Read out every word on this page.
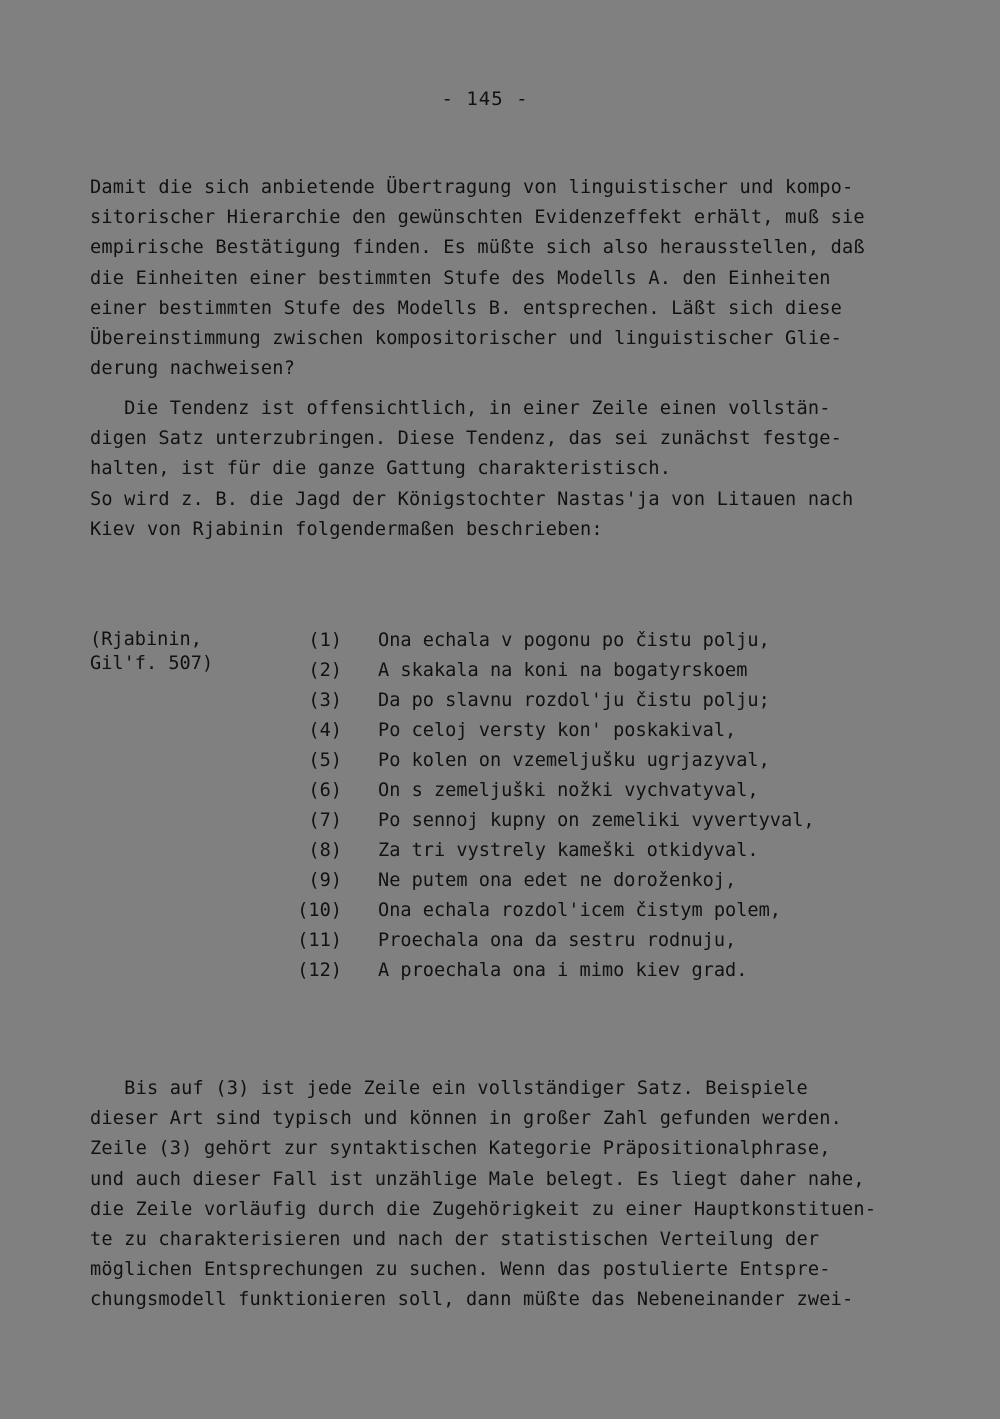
- 145 -

Damit die sich anbietende Übertragung von linguistischer und kompo-
sitorischer Hierarchie den gewünschten Evidenzeffekt erhält, muß sie
empirische Bestätigung finden. Es müßte sich also herausstellen, daß
die Einheiten einer bestimmten Stufe des Modells A. den Einheiten
einer bestimmten Stufe des Modells B. entsprechen. Läßt sich diese
Übereinstimmung zwischen kompositorischer und linguistischer Glie-
derung nachweisen?

Die Tendenz ist offensichtlich, in einer Zeile einen vollstän-
digen Satz unterzubringen. Diese Tendenz, das sei zunächst festge-
halten, ist für die ganze Gattung charakteristisch.
So wird z. B. die Jagd der Königstochter Nastas'ja von Litauen nach
Kiev von Rjabinin folgendermaßen beschrieben:

(Rjabinin,
Gil'f. 507)
(1) Ona echala v pogonu po čistu polju,
(2) A skakala na koni na bogatyrskoem
(3) Da po slavnu rozdol'ju čistu polju;
(4) Po celoj versty kon' poskakival,
(5) Po kolen on vzemeljušku ugrjazyval,
(6) On s zemeljuški nožki vychvatyval,
(7) Po sennoj kupny on zemeliki vyvertyval,
(8) Za tri vystrely kameški otkidyval.
(9) Ne putem ona edet ne doroženkoj,
(10) Ona echala rozdol'icem čistym polem,
(11) Proechala ona da sestru rodnuju,
(12) A proechala ona i mimo kiev grad.

Bis auf (3) ist jede Zeile ein vollständiger Satz. Beispiele
dieser Art sind typisch und können in großer Zahl gefunden werden.
Zeile (3) gehört zur syntaktischen Kategorie Präpositionalphrase,
und auch dieser Fall ist unzählige Male belegt. Es liegt daher nahe,
die Zeile vorläufig durch die Zugehörigkeit zu einer Hauptkonstituen-
te zu charakterisieren und nach der statistischen Verteilung der
möglichen Entsprechungen zu suchen. Wenn das postulierte Entspre-
chungsmodell funktionieren soll, dann müßte das Nebeneinander zwei-
